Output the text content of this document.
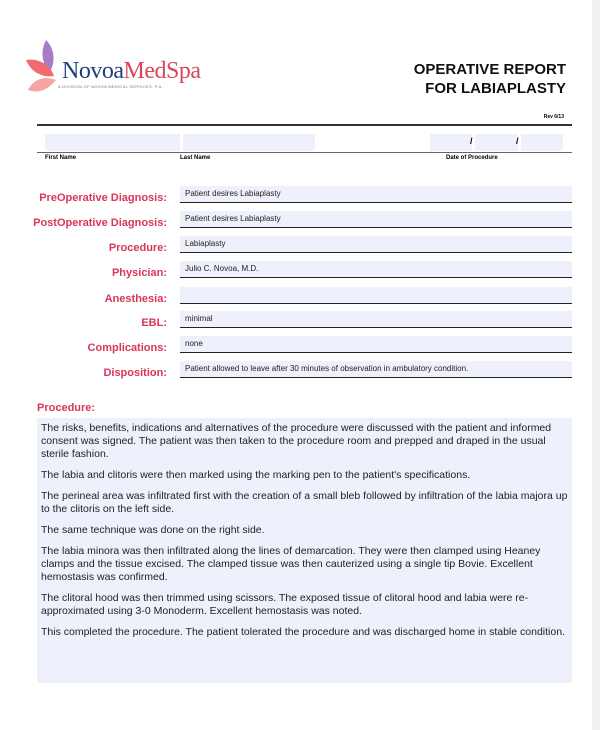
NovoaMedSpa
A DIVISION OF NOVOA MEDICAL SERVICES, P.A.
OPERATIVE REPORT
FOR LABIAPLASTY
Rev 6/13
/	/
First Name	Last Name	Date of Procedure
PreOperative Diagnosis:	Patient desires Labiaplasty
PostOperative Diagnosis:	Patient desires Labiaplasty
Procedure:	Labiaplasty
Physician:	Julio C. Novoa, M.D.
Anesthesia:
EBL:	minimal
Complications:	none
Disposition:	Patient allowed to leave after 30 minutes of observation in ambulatory condition.
Procedure:

The risks, benefits, indications and alternatives of the procedure were discussed with the patient and informed consent was signed. The patient was then taken to the procedure room and prepped and draped in the usual sterile fashion.

The labia and clitoris were then marked using the marking pen to the patient's specifications.

The perineal area was infiltrated first with the creation of a small bleb followed by infiltration of the labia majora up to the clitoris on the left side.

The same technique was done on the right side.

The labia minora was then infiltrated along the lines of demarcation. They were then clamped using Heaney clamps and the tissue excised. The clamped tissue was then cauterized using a single tip Bovie. Excellent hemostasis was confirmed.

The clitoral hood was then trimmed using scissors. The exposed tissue of clitoral hood and labia were re-approximated using 3-0 Monoderm. Excellent hemostasis was noted.

This completed the procedure. The patient tolerated the procedure and was discharged home in stable condition.
